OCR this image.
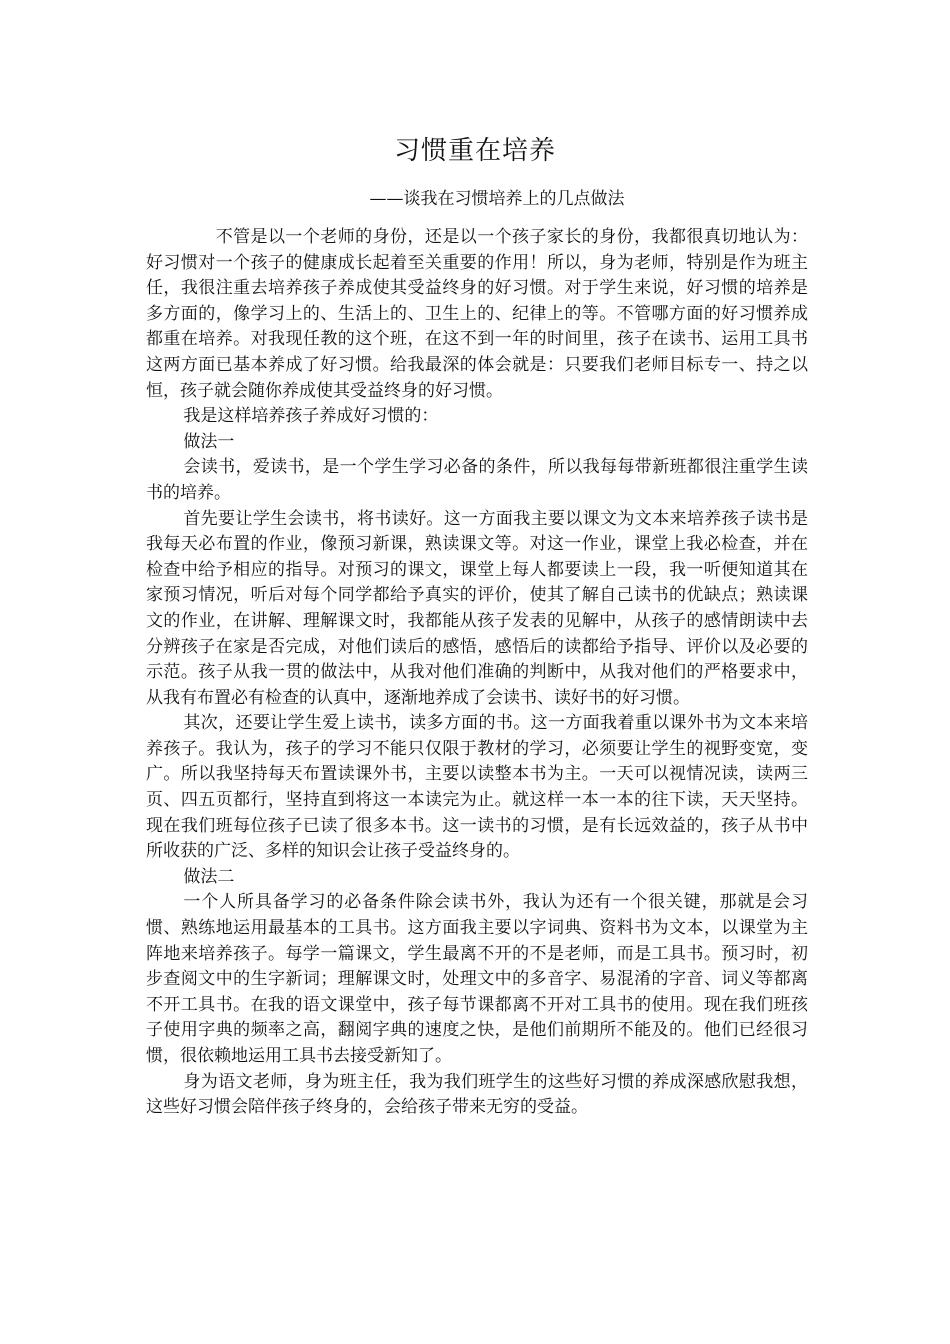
习惯重在培养

——谈我在习惯培养上的几点做法

不管是以一个老师的身份，还是以一个孩子家长的身份，我都很真切地认为：好习惯对一个孩子的健康成长起着至关重要的作用！所以，身为老师，特别是作为班主任，我很注重去培养孩子养成使其受益终身的好习惯。对于学生来说，好习惯的培养是多方面的，像学习上的、生活上的、卫生上的、纪律上的等。不管哪方面的好习惯养成都重在培养。对我现任教的这个班，在这不到一年的时间里，孩子在读书、运用工具书这两方面已基本养成了好习惯。给我最深的体会就是：只要我们老师目标专一、持之以恒，孩子就会随你养成使其受益终身的好习惯。

我是这样培养孩子养成好习惯的：

做法一

会读书，爱读书，是一个学生学习必备的条件，所以我每每带新班都很注重学生读书的培养。

首先要让学生会读书，将书读好。这一方面我主要以课文为文本来培养孩子读书是我每天必布置的作业，像预习新课，熟读课文等。对这一作业，课堂上我必检查，并在检查中给予相应的指导。对预习的课文，课堂上每人都要读上一段，我一听便知道其在家预习情况，听后对每个同学都给予真实的评价，使其了解自己读书的优缺点；熟读课文的作业，在讲解、理解课文时，我都能从孩子发表的见解中，从孩子的感情朗读中去分辨孩子在家是否完成，对他们读后的感悟，感悟后的读都给予指导、评价以及必要的示范。孩子从我一贯的做法中，从我对他们准确的判断中，从我对他们的严格要求中，从我有布置必有检查的认真中，逐渐地养成了会读书、读好书的好习惯。

其次，还要让学生爱上读书，读多方面的书。这一方面我着重以课外书为文本来培养孩子。我认为，孩子的学习不能只仅限于教材的学习，必须要让学生的视野变宽，变广。所以我坚持每天布置读课外书，主要以读整本书为主。一天可以视情况读，读两三页、四五页都行，坚持直到将这一本读完为止。就这样一本一本的往下读，天天坚持。现在我们班每位孩子已读了很多本书。这一读书的习惯，是有长远效益的，孩子从书中所收获的广泛、多样的知识会让孩子受益终身的。

做法二

一个人所具备学习的必备条件除会读书外，我认为还有一个很关键，那就是会习惯、熟练地运用最基本的工具书。这方面我主要以字词典、资料书为文本，以课堂为主阵地来培养孩子。每学一篇课文，学生最离不开的不是老师，而是工具书。预习时，初步查阅文中的生字新词；理解课文时，处理文中的多音字、易混淆的字音、词义等都离不开工具书。在我的语文课堂中，孩子每节课都离不开对工具书的使用。现在我们班孩子使用字典的频率之高，翻阅字典的速度之快，是他们前期所不能及的。他们已经很习惯，很依赖地运用工具书去接受新知了。

身为语文老师，身为班主任，我为我们班学生的这些好习惯的养成深感欣慰我想，这些好习惯会陪伴孩子终身的，会给孩子带来无穷的受益。
